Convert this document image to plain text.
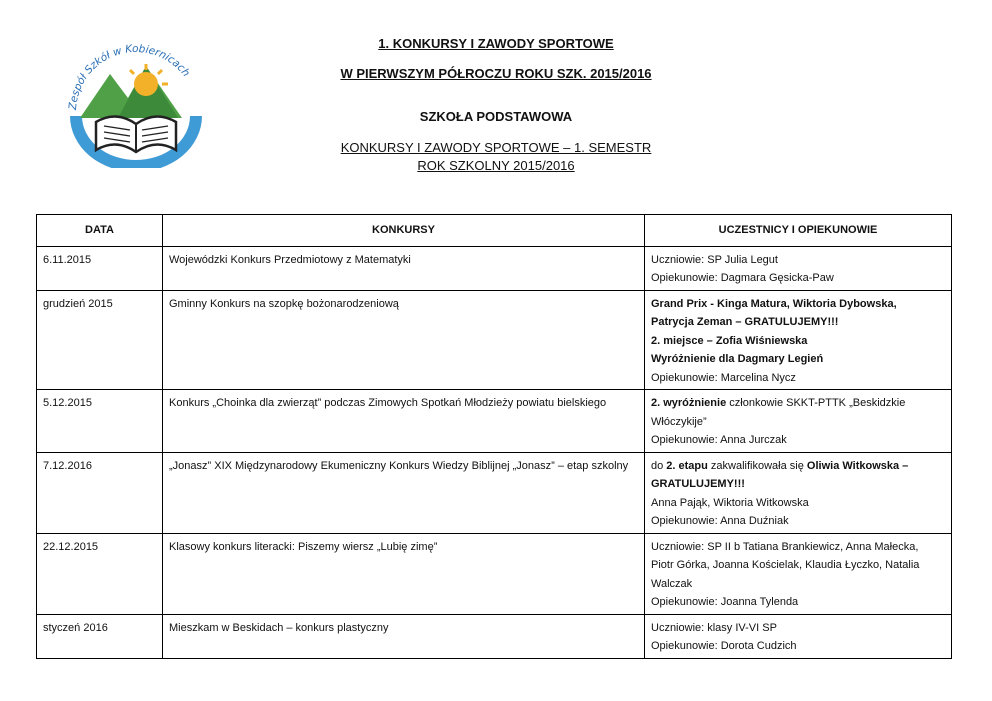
Zespół Szkół w Kobiernicach
1. KONKURSY I ZAWODY SPORTOWE
W PIERWSZYM PÓŁROCZU ROKU SZK. 2015/2016
SZKOŁA PODSTAWOWA
KONKURSY I ZAWODY SPORTOWE – 1. SEMESTR
ROK SZKOLNY 2015/2016
DATA	KONKURSY	UCZESTNICY I OPIEKUNOWIE
6.11.2015	Wojewódzki Konkurs Przedmiotowy z Matematyki	Uczniowie: SP Julia Legut
Opiekunowie: Dagmara Gęsicka-Paw

grudzień 2015	Gminny Konkurs na szopkę bożonarodzeniową	Grand Prix - Kinga Matura, Wiktoria Dybowska,
Patrycja Zeman – GRATULUJEMY!!!
2. miejsce – Zofia Wiśniewska
Wyróżnienie dla Dagmary Legień
Opiekunowie: Marcelina Nycz

5.12.2015	Konkurs „Choinka dla zwierząt” podczas Zimowych Spotkań Młodzieży powiatu bielskiego	2. wyróżnienie członkowie SKKT-PTTK „Beskidzkie
Włóczykije”
Opiekunowie: Anna Jurczak

7.12.2016	„Jonasz” XIX Międzynarodowy Ekumeniczny Konkurs Wiedzy Biblijnej „Jonasz” – etap szkolny	do 2. etapu zakwalifikowała się Oliwia Witkowska –
GRATULUJEMY!!!
Anna Pająk, Wiktoria Witkowska
Opiekunowie: Anna Duźniak

22.12.2015	Klasowy konkurs literacki: Piszemy wiersz „Lubię zimę”	Uczniowie: SP II b Tatiana Brankiewicz, Anna Małecka,
Piotr Górka, Joanna Kościelak, Klaudia Łyczko, Natalia
Walczak
Opiekunowie: Joanna Tylenda

styczeń 2016	Mieszkam w Beskidach – konkurs plastyczny	Uczniowie: klasy IV-VI SP
Opiekunowie: Dorota Cudzich
